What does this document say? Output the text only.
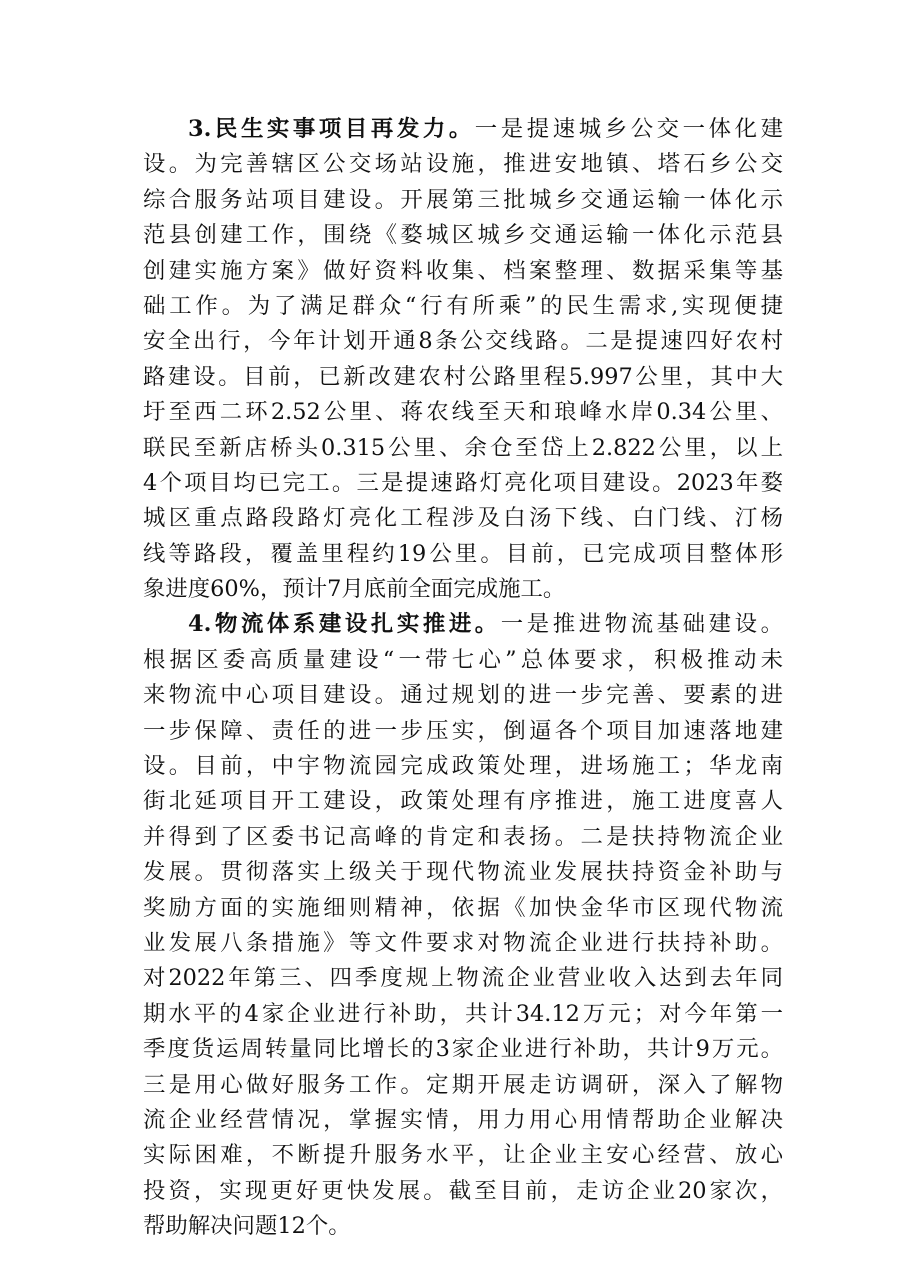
3.民生实事项目再发力。一是提速城乡公交一体化建
设。为完善辖区公交场站设施，推进安地镇、塔石乡公交
综合服务站项目建设。开展第三批城乡交通运输一体化示
范县创建工作，围绕《婺城区城乡交通运输一体化示范县
创建实施方案》做好资料收集、档案整理、数据采集等基
础工作。为了满足群众“行有所乘”的民生需求,实现便捷
安全出行，今年计划开通8条公交线路。二是提速四好农村
路建设。目前，已新改建农村公路里程5.997公里，其中大
圩至西二环2.52公里、蒋农线至天和琅峰水岸0.34公里、
联民至新店桥头0.315公里、余仓至岱上2.822公里，以上
4个项目均已完工。三是提速路灯亮化项目建设。2023年婺
城区重点路段路灯亮化工程涉及白汤下线、白门线、汀杨
线等路段，覆盖里程约19公里。目前，已完成项目整体形
象进度60%，预计7月底前全面完成施工。
4.物流体系建设扎实推进。一是推进物流基础建设。
根据区委高质量建设“一带七心”总体要求，积极推动未
来物流中心项目建设。通过规划的进一步完善、要素的进
一步保障、责任的进一步压实，倒逼各个项目加速落地建
设。目前，中宇物流园完成政策处理，进场施工；华龙南
街北延项目开工建设，政策处理有序推进，施工进度喜人
并得到了区委书记高峰的肯定和表扬。二是扶持物流企业
发展。贯彻落实上级关于现代物流业发展扶持资金补助与
奖励方面的实施细则精神，依据《加快金华市区现代物流
业发展八条措施》等文件要求对物流企业进行扶持补助。
对2022年第三、四季度规上物流企业营业收入达到去年同
期水平的4家企业进行补助，共计34.12万元；对今年第一
季度货运周转量同比增长的3家企业进行补助，共计9万元。
三是用心做好服务工作。定期开展走访调研，深入了解物
流企业经营情况，掌握实情，用力用心用情帮助企业解决
实际困难，不断提升服务水平，让企业主安心经营、放心
投资，实现更好更快发展。截至目前，走访企业20家次，
帮助解决问题12个。
